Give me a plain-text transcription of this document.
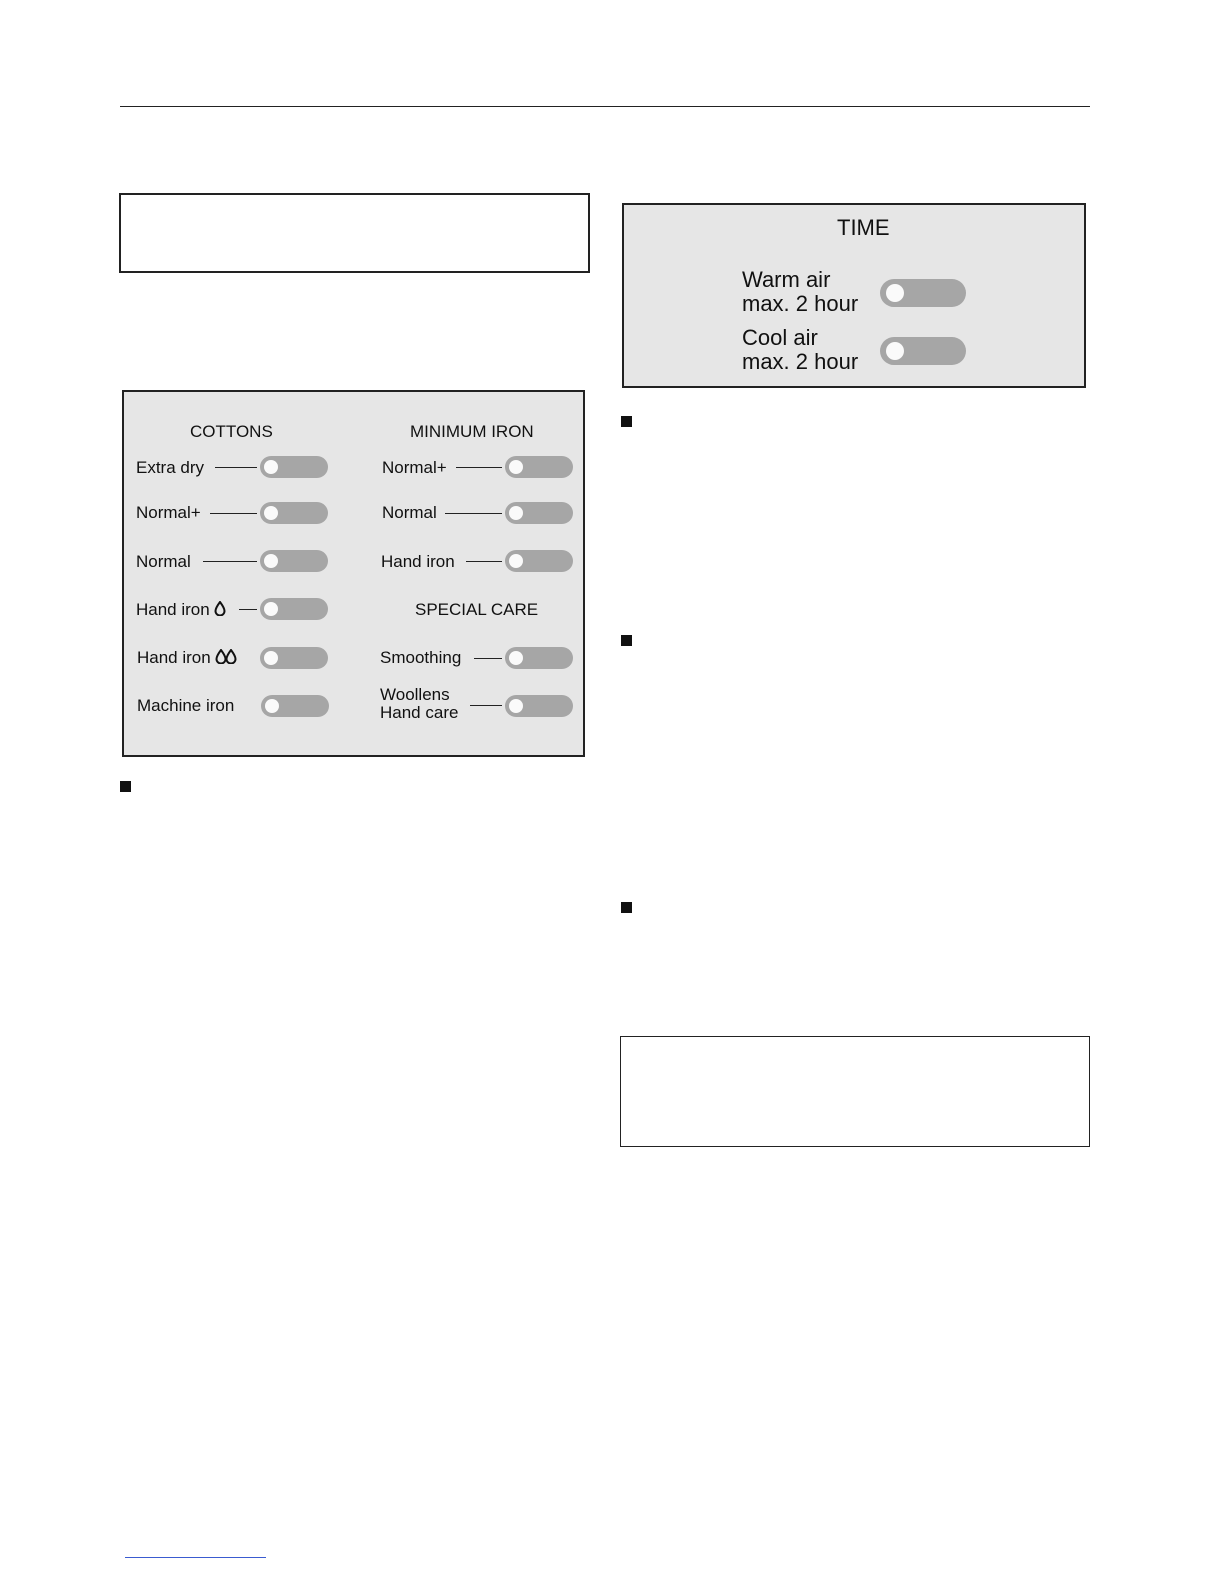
TIME
Warm air
max. 2 hour
Cool air
max. 2 hour
COTTONS	MINIMUM IRON
Extra dry
Normal+
Normal
Hand iron
Hand iron
Machine iron
Normal+
Normal
Hand iron
SPECIAL CARE
Smoothing
Woollens
Hand care
